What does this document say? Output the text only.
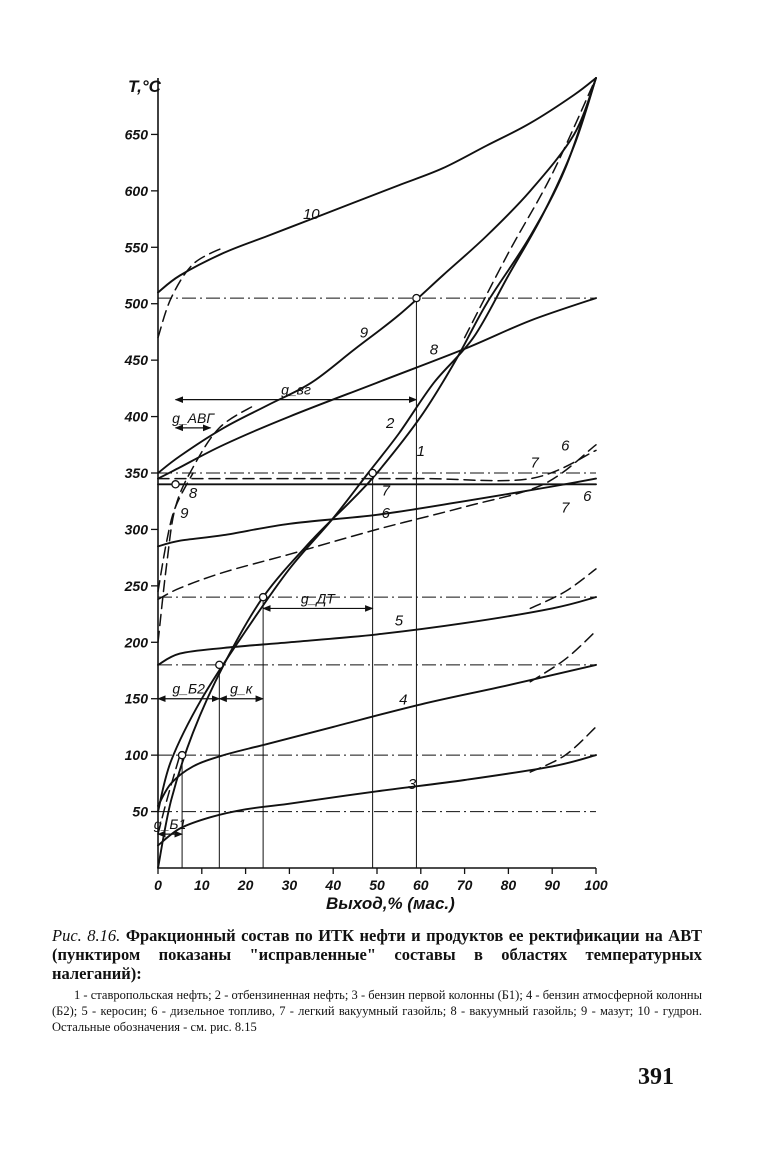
50
100
150
200
250
300
350
400
450
500
550
600
650
0 10 20 30 40 50 60 70 80 90 100
g_вг
g_АВГ
g_ДТ
g_Б2 g_к
g_Б1
10
9
8
2
1
7
6
5
4
3
6
7
7
6
8
9
T,°C
Выход,% (мас.)
Рис. 8.16. Фракционный состав по ИТК нефти и продуктов ее ректификации на АВТ (пунктиром показаны "исправленные" составы в областях температурных налеганий):
1 - ставропольская нефть; 2 - отбензиненная нефть; 3 - бензин первой колонны (Б1); 4 - бензин атмосферной колонны (Б2); 5 - керосин; 6 - дизельное топливо, 7 - легкий вакуумный газойль; 8 - вакуумный газойль; 9 - мазут; 10 - гудрон. Остальные обозначения - см. рис. 8.15
391
